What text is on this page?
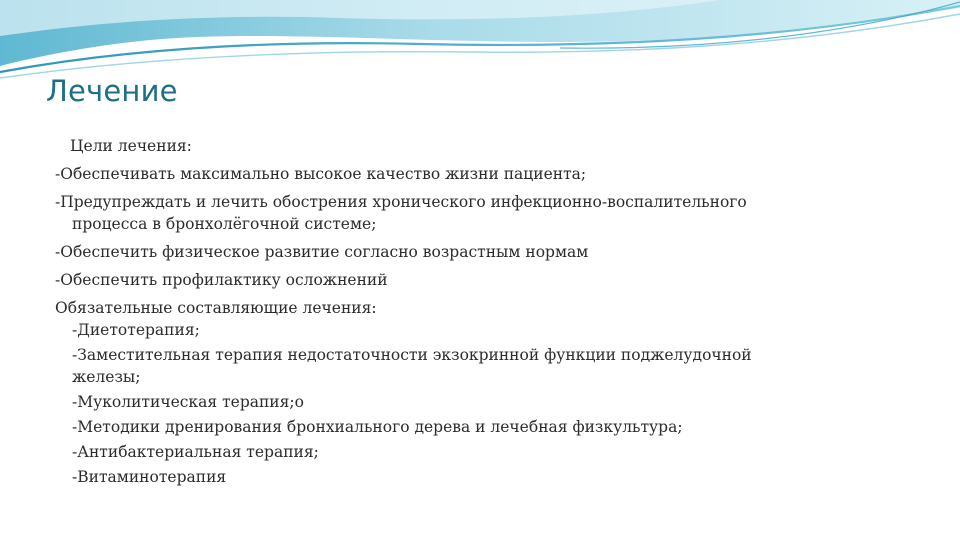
Лечение
Цели лечения:
-Обеспечивать максимально высокое качество жизни пациента;
-Предупреждать и лечить обострения хронического инфекционно-воспалительного
процесса в бронхолёгочной системе;
-Обеспечить физическое развитие согласно возрастным нормам
-Обеспечить профилактику осложнений
Обязательные составляющие лечения:
-Диетотерапия;
-Заместительная терапия недостаточности экзокринной функции поджелудочной
железы;
-Муколитическая терапия;о
-Методики дренирования бронхиального дерева и лечебная физкультура;
-Антибактериальная терапия;
-Витаминотерапия
